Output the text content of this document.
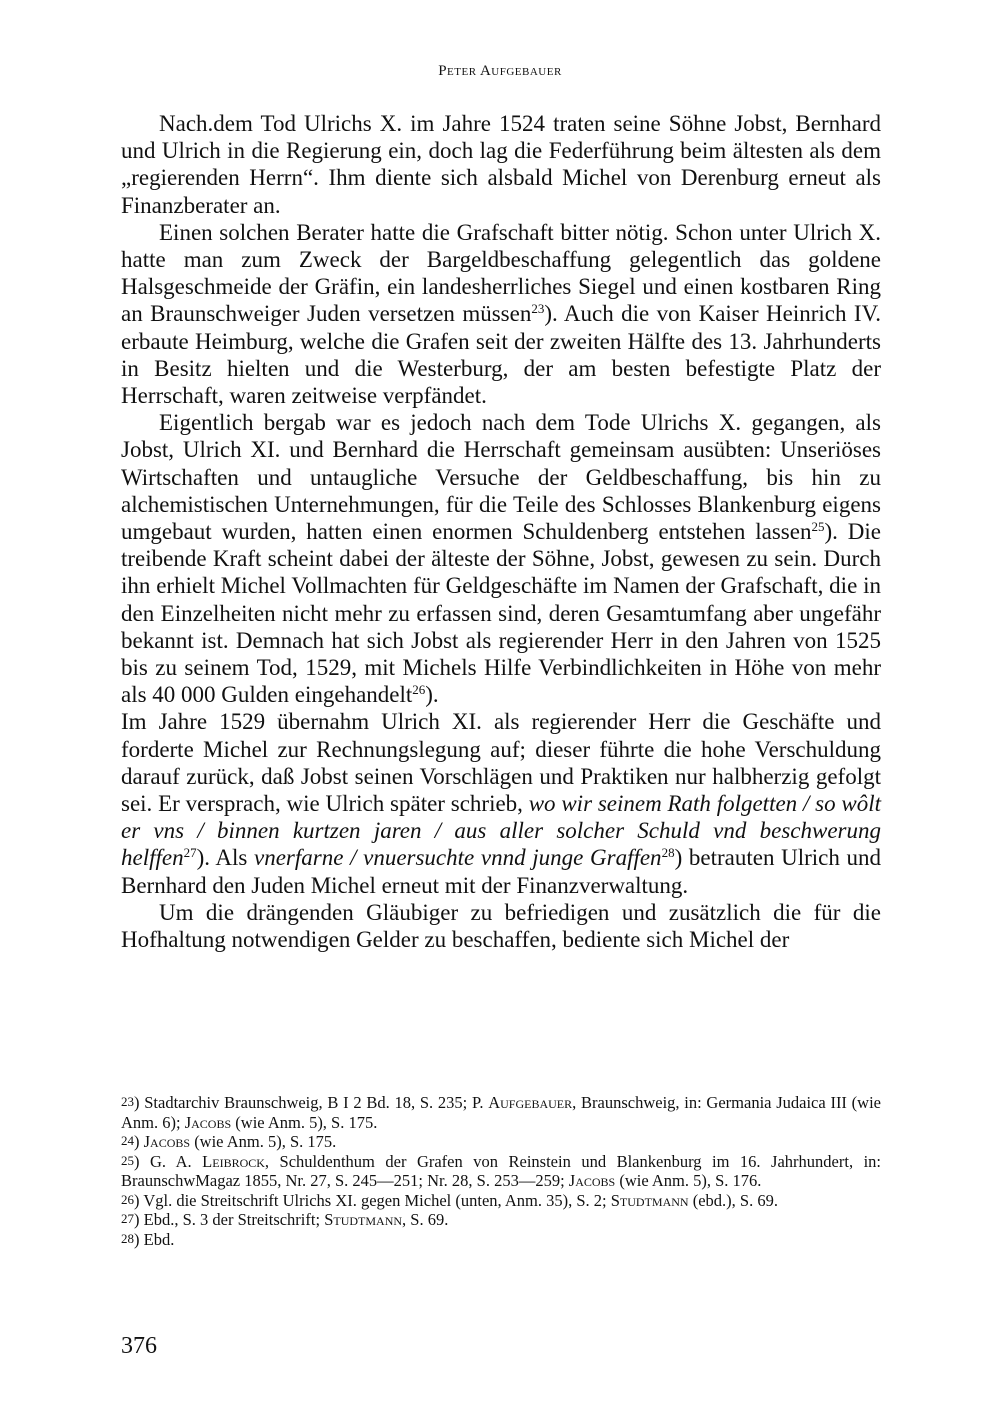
Peter Aufgebauer

Nach.dem Tod Ulrichs X. im Jahre 1524 traten seine Söhne Jobst, Bernhard und Ulrich in die Regierung ein, doch lag die Federführung beim ältesten als dem „regierenden Herrn“. Ihm diente sich alsbald Michel von Derenburg erneut als Finanzberater an.

Einen solchen Berater hatte die Grafschaft bitter nötig. Schon unter Ulrich X. hatte man zum Zweck der Bargeldbeschaffung gelegentlich das goldene Halsgeschmeide der Gräfin, ein landesherrliches Siegel und einen kostbaren Ring an Braunschweiger Juden versetzen müssen$^{23}$). Auch die von Kaiser Heinrich IV. erbaute Heimburg, welche die Grafen seit der zweiten Hälfte des 13. Jahrhunderts in Besitz hielten und die Westerburg, der am besten befestigte Platz der Herrschaft, waren zeitweise verpfändet.

Eigentlich bergab war es jedoch nach dem Tode Ulrichs X. gegangen, als Jobst, Ulrich XI. und Bernhard die Herrschaft gemeinsam ausübten: Unseriöses Wirtschaften und untaugliche Versuche der Geldbeschaffung, bis hin zu alchemistischen Unternehmungen, für die Teile des Schlosses Blankenburg eigens umgebaut wurden, hatten einen enormen Schuldenberg entstehen lassen$^{25}$). Die treibende Kraft scheint dabei der älteste der Söhne, Jobst, gewesen zu sein. Durch ihn erhielt Michel Vollmachten für Geldgeschäfte im Namen der Grafschaft, die in den Einzelheiten nicht mehr zu erfassen sind, deren Gesamtumfang aber ungefähr bekannt ist. Demnach hat sich Jobst als regierender Herr in den Jahren von 1525 bis zu seinem Tod, 1529, mit Michels Hilfe Verbindlichkeiten in Höhe von mehr als 40 000 Gulden eingehandelt$^{26}$).

Im Jahre 1529 übernahm Ulrich XI. als regierender Herr die Geschäfte und forderte Michel zur Rechnungslegung auf; dieser führte die hohe Verschuldung darauf zurück, daß Jobst seinen Vorschlägen und Praktiken nur halbherzig gefolgt sei. Er versprach, wie Ulrich später schrieb, wo wir seinem Rath folgetten / so wôlt er vns / binnen kurtzen jaren / aus aller solcher Schuld vnd beschwerung helffen$^{27}$). Als vnerfarne / vnuersuchte vnnd junge Graffen$^{28}$) betrauten Ulrich und Bernhard den Juden Michel erneut mit der Finanzverwaltung.

Um die drängenden Gläubiger zu befriedigen und zusätzlich die für die Hofhaltung notwendigen Gelder zu beschaffen, bediente sich Michel der

$^{23}$) Stadtarchiv Braunschweig, B I 2 Bd. 18, S. 235; P. Aufgebauer, Braunschweig, in: Germania Judaica III (wie Anm. 6); Jacobs (wie Anm. 5), S. 175.

$^{24}$) Jacobs (wie Anm. 5), S. 175.

$^{25}$) G. A. Leibrock, Schuldenthum der Grafen von Reinstein und Blankenburg im 16. Jahrhundert, in: BraunschwMagaz 1855, Nr. 27, S. 245—251; Nr. 28, S. 253—259; Jacobs (wie Anm. 5), S. 176.

$^{26}$) Vgl. die Streitschrift Ulrichs XI. gegen Michel (unten, Anm. 35), S. 2; Studtmann (ebd.), S. 69.

$^{27}$) Ebd., S. 3 der Streitschrift; Studtmann, S. 69.

$^{28}$) Ebd.

376
